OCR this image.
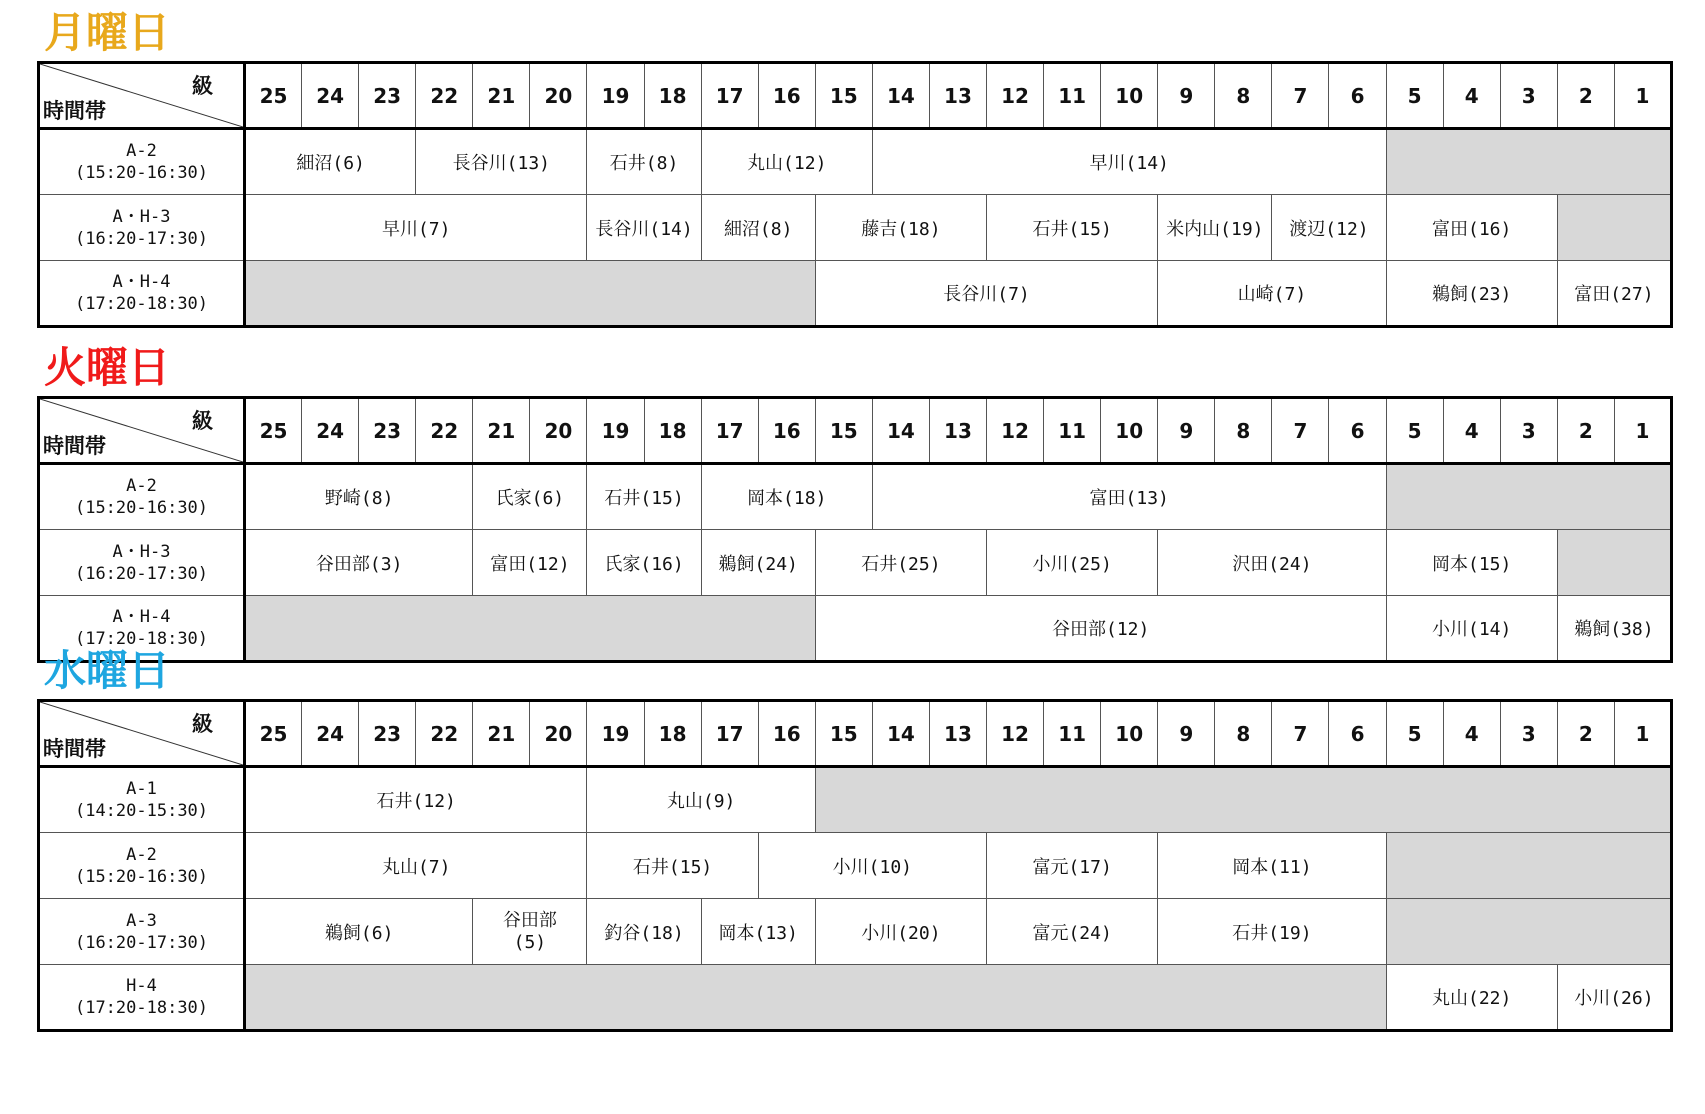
月曜日
級
時間帯	25	24	23	22	21	20	19	18	17	16	15	14	13	12	11	10	9	8	7	6	5	4	3	2	1

A-2
(15:20-16:30)	細沼(6)			長谷川(13)			石井(8)		丸山(12)			早川(14)													

A・H-3
(16:20-17:30)	早川(7)						長谷川(14)		細沼(8)		藤吉(18)			石井(15)			米内山(19)		渡辺(12)		富田(16)				

A・H-4
(17:20-18:30)											長谷川(7)						山崎(7)				鵜飼(23)			富田(27)	
火曜日
級
時間帯	25	24	23	22	21	20	19	18	17	16	15	14	13	12	11	10	9	8	7	6	5	4	3	2	1

A-2
(15:20-16:30)	野崎(8)				氏家(6)		石井(15)		岡本(18)			富田(13)													

A・H-3
(16:20-17:30)	谷田部(3)				富田(12)		氏家(16)		鵜飼(24)		石井(25)			小川(25)			沢田(24)				岡本(15)				

A・H-4
(17:20-18:30)											谷田部(12)										小川(14)			鵜飼(38)	
水曜日
級
時間帯	25	24	23	22	21	20	19	18	17	16	15	14	13	12	11	10	9	8	7	6	5	4	3	2	1

A-1
(14:20-15:30)	石井(12)						丸山(9)																		

A-2
(15:20-16:30)	丸山(7)						石井(15)			小川(10)				富元(17)			岡本(11)								

A-3
(16:20-17:30)	鵜飼(6)				谷田部
(5)		釣谷(18)		岡本(13)		小川(20)			富元(24)			石井(19)								

H-4
(17:20-18:30)																					丸山(22)			小川(26)	
